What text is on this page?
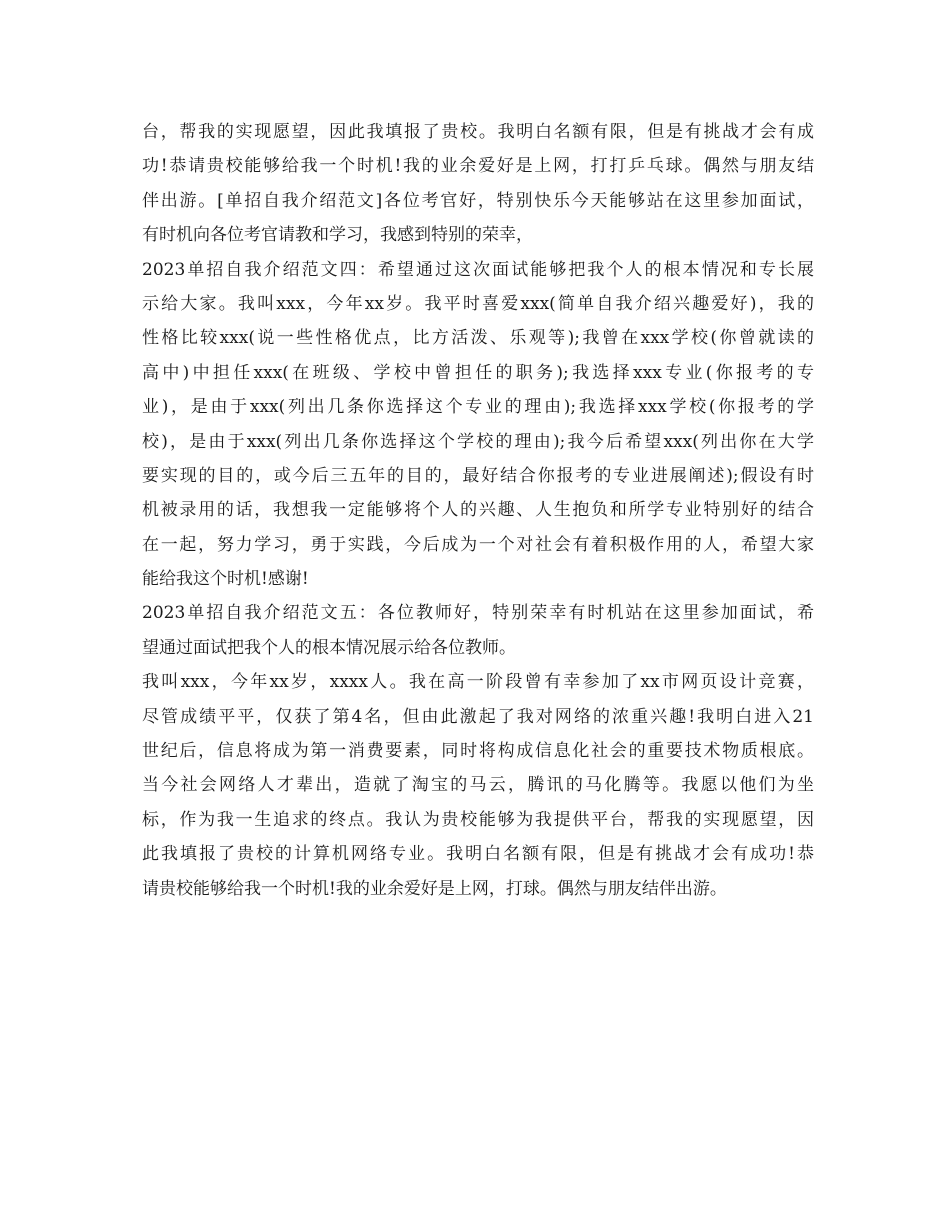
台，帮我的实现愿望，因此我填报了贵校。我明白名额有限，但是有挑战才会有成
功!恭请贵校能够给我一个时机!我的业余爱好是上网，打打乒乓球。偶然与朋友结
伴出游。[单招自我介绍范文]各位考官好，特别快乐今天能够站在这里参加面试，
有时机向各位考官请教和学习，我感到特别的荣幸，
2023单招自我介绍范文四：希望通过这次面试能够把我个人的根本情况和专长展
示给大家。我叫xxx，今年xx岁。我平时喜爱xxx(简单自我介绍兴趣爱好)，我的
性格比较xxx(说一些性格优点，比方活泼、乐观等);我曾在xxx学校(你曾就读的
高中)中担任xxx(在班级、学校中曾担任的职务);我选择xxx专业(你报考的专
业)，是由于xxx(列出几条你选择这个专业的理由);我选择xxx学校(你报考的学
校)，是由于xxx(列出几条你选择这个学校的理由);我今后希望xxx(列出你在大学
要实现的目的，或今后三五年的目的，最好结合你报考的专业进展阐述);假设有时
机被录用的话，我想我一定能够将个人的兴趣、人生抱负和所学专业特别好的结合
在一起，努力学习，勇于实践，今后成为一个对社会有着积极作用的人，希望大家
能给我这个时机!感谢!
2023单招自我介绍范文五：各位教师好，特别荣幸有时机站在这里参加面试，希
望通过面试把我个人的根本情况展示给各位教师。
我叫xxx，今年xx岁，xxxx人。我在高一阶段曾有幸参加了xx市网页设计竞赛，
尽管成绩平平，仅获了第4名，但由此激起了我对网络的浓重兴趣!我明白进入21
世纪后，信息将成为第一消费要素，同时将构成信息化社会的重要技术物质根底。
当今社会网络人才辈出，造就了淘宝的马云，腾讯的马化腾等。我愿以他们为坐
标，作为我一生追求的终点。我认为贵校能够为我提供平台，帮我的实现愿望，因
此我填报了贵校的计算机网络专业。我明白名额有限，但是有挑战才会有成功!恭
请贵校能够给我一个时机!我的业余爱好是上网，打球。偶然与朋友结伴出游。
